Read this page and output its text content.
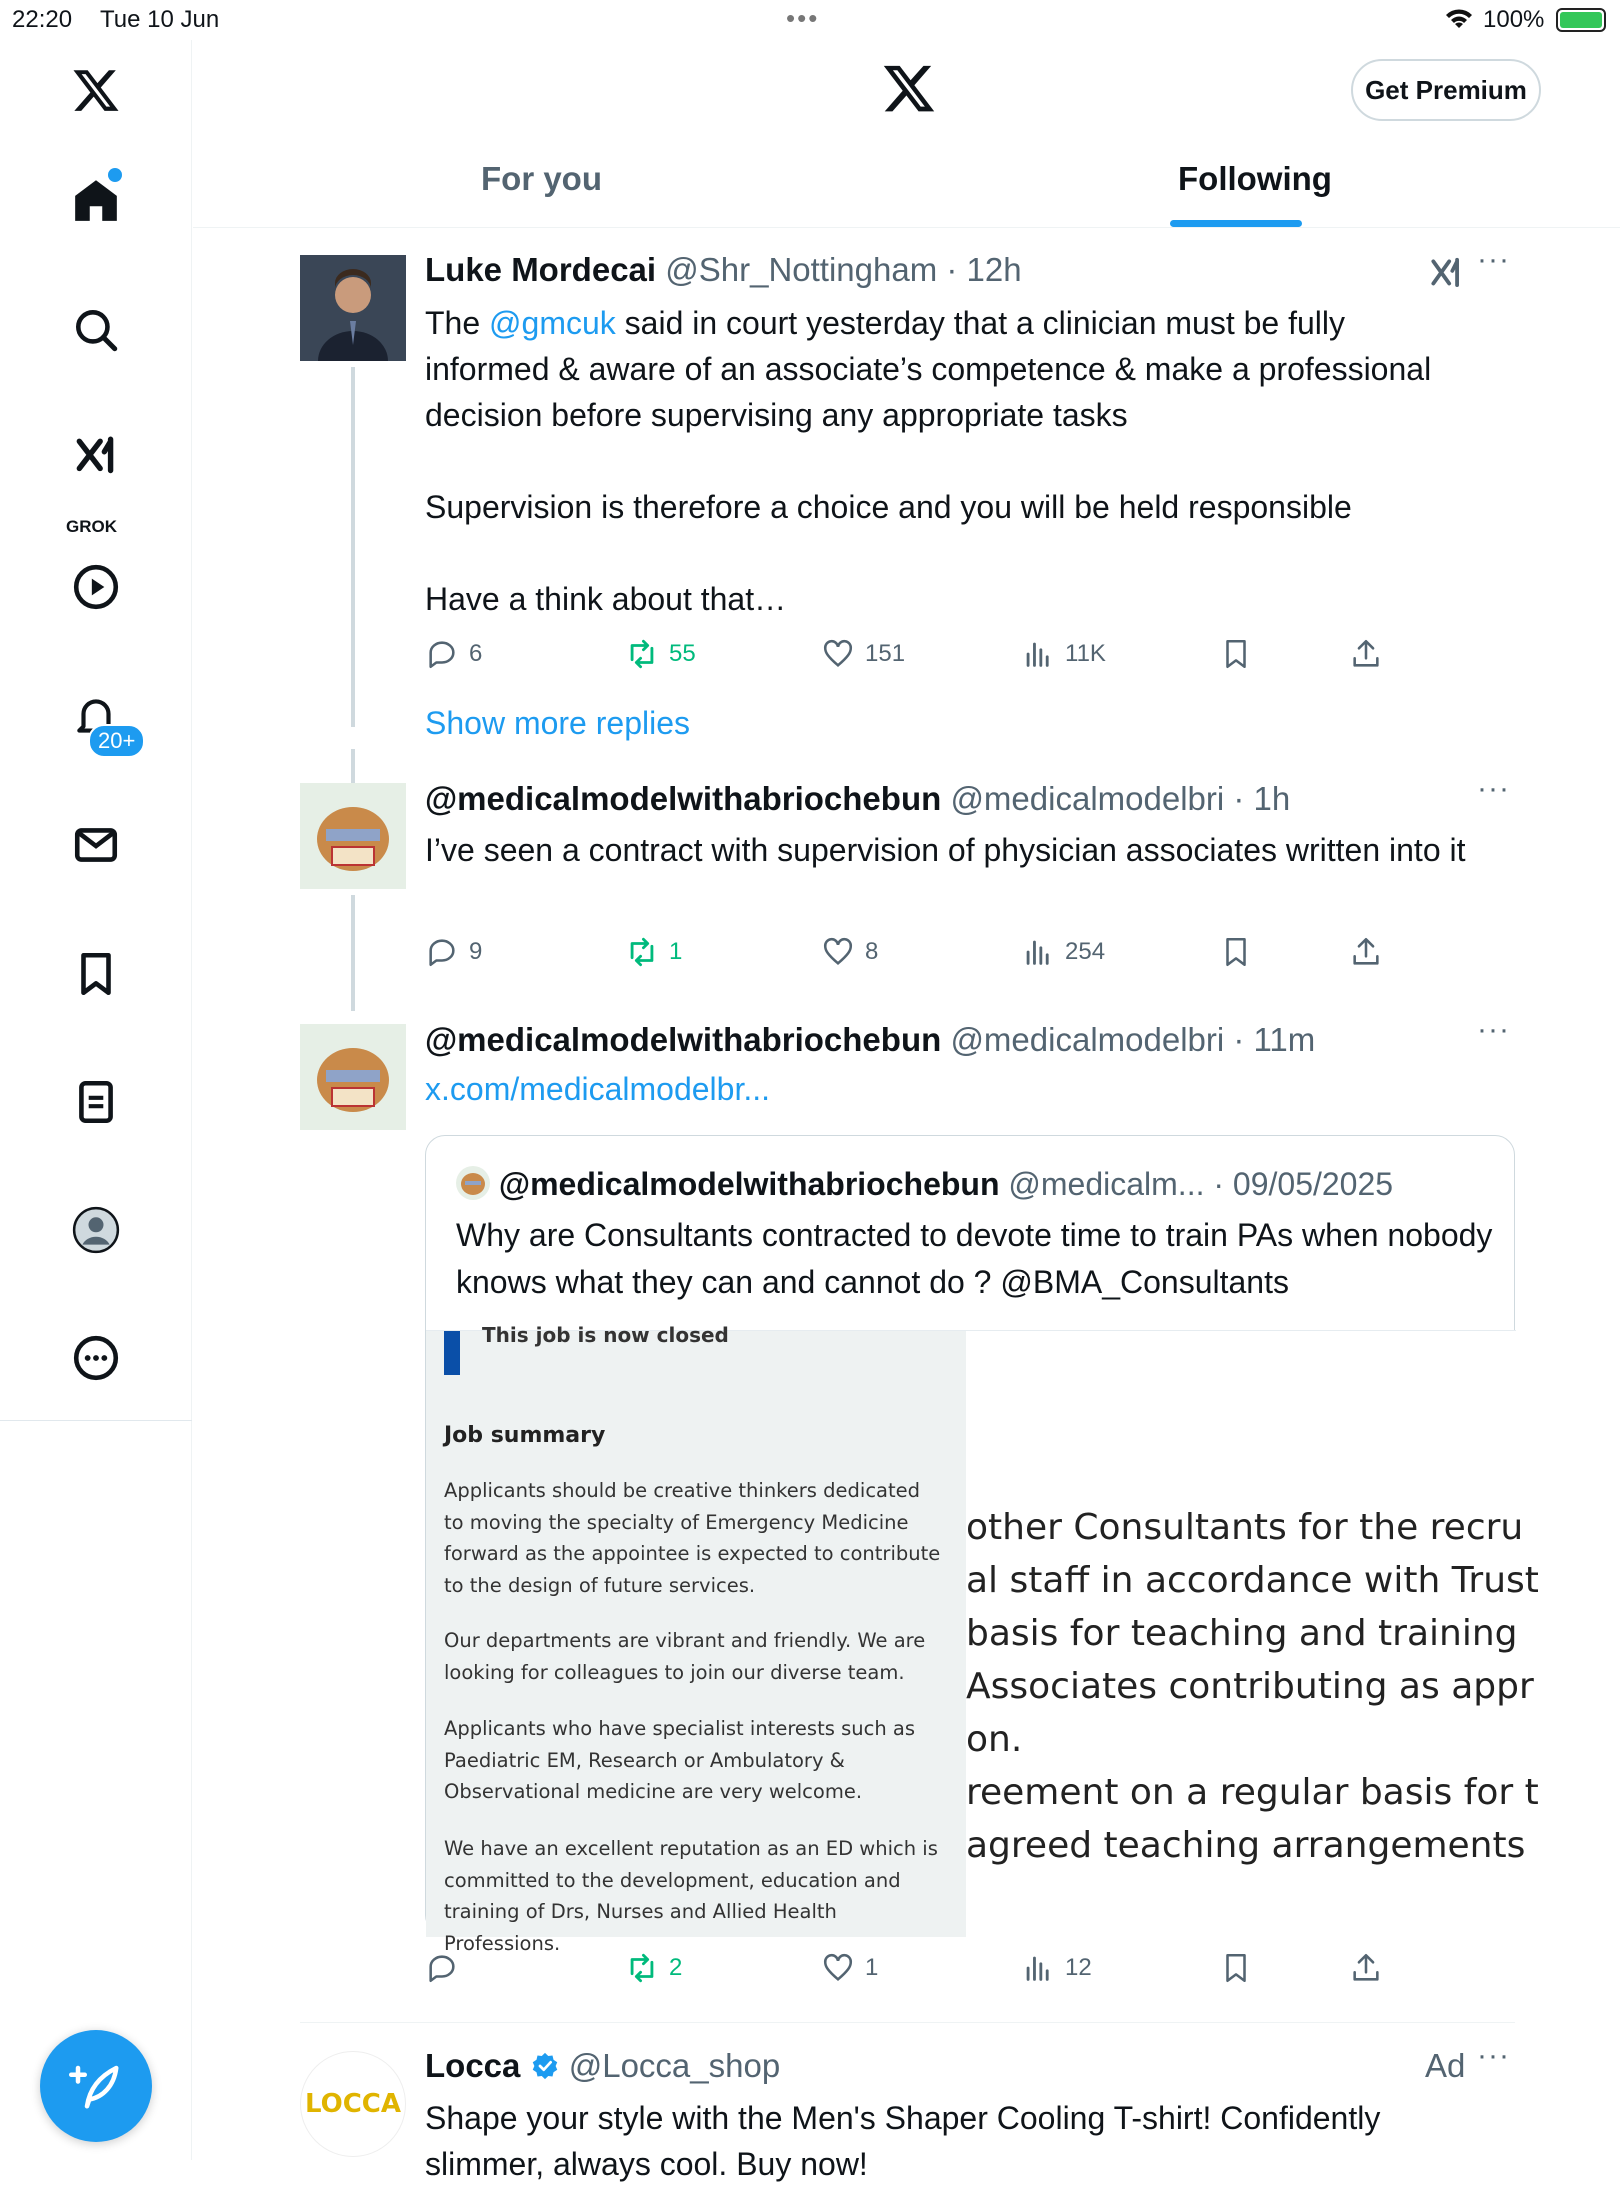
22:20 Tue 10 Jun	•••	100%
GROK
20+
Get Premium
For you	Following
Luke Mordecai @Shr_Nottingham · 12h	···
The @gmcuk said in court yesterday that a clinician must be fully
informed & aware of an associate’s competence & make a professional
decision before supervising any appropriate tasks
Supervision is therefore a choice and you will be held responsible
Have a think about that…
6	55	151	11K
Show more replies
@medicalmodelwithabriochebun @medicalmodelbri · 1h	···
I’ve seen a contract with supervision of physician associates written into it
9	1	8	254
@medicalmodelwithabriochebun @medicalmodelbri · 11m	···
x.com/medicalmodelbr...
@medicalmodelwithabriochebun @medicalm... · 09/05/2025
Why are Consultants contracted to devote time to train PAs when nobody knows what they can and cannot do ? @BMA_Consultants
This job is now closed
Job summary
Applicants should be creative thinkers dedicated to moving the specialty of Emergency Medicine forward as the appointee is expected to contribute to the design of future services.
Our departments are vibrant and friendly. We are looking for colleagues to join our diverse team.
Applicants who have specialist interests such as Paediatric EM, Research or Ambulatory & Observational medicine are very welcome.
We have an excellent reputation as an ED which is committed to the development, education and training of Drs, Nurses and Allied Health Professions.
other Consultants for the recru
al staff in accordance with Trust
basis for teaching and training
Associates contributing as appr
on.
reement on a regular basis for t
agreed teaching arrangements
2	1	12
LOCCA
Locca @Locca_shop	Ad ···
Shape your style with the Men's Shaper Cooling T-shirt! Confidently
slimmer, always cool. Buy now!
